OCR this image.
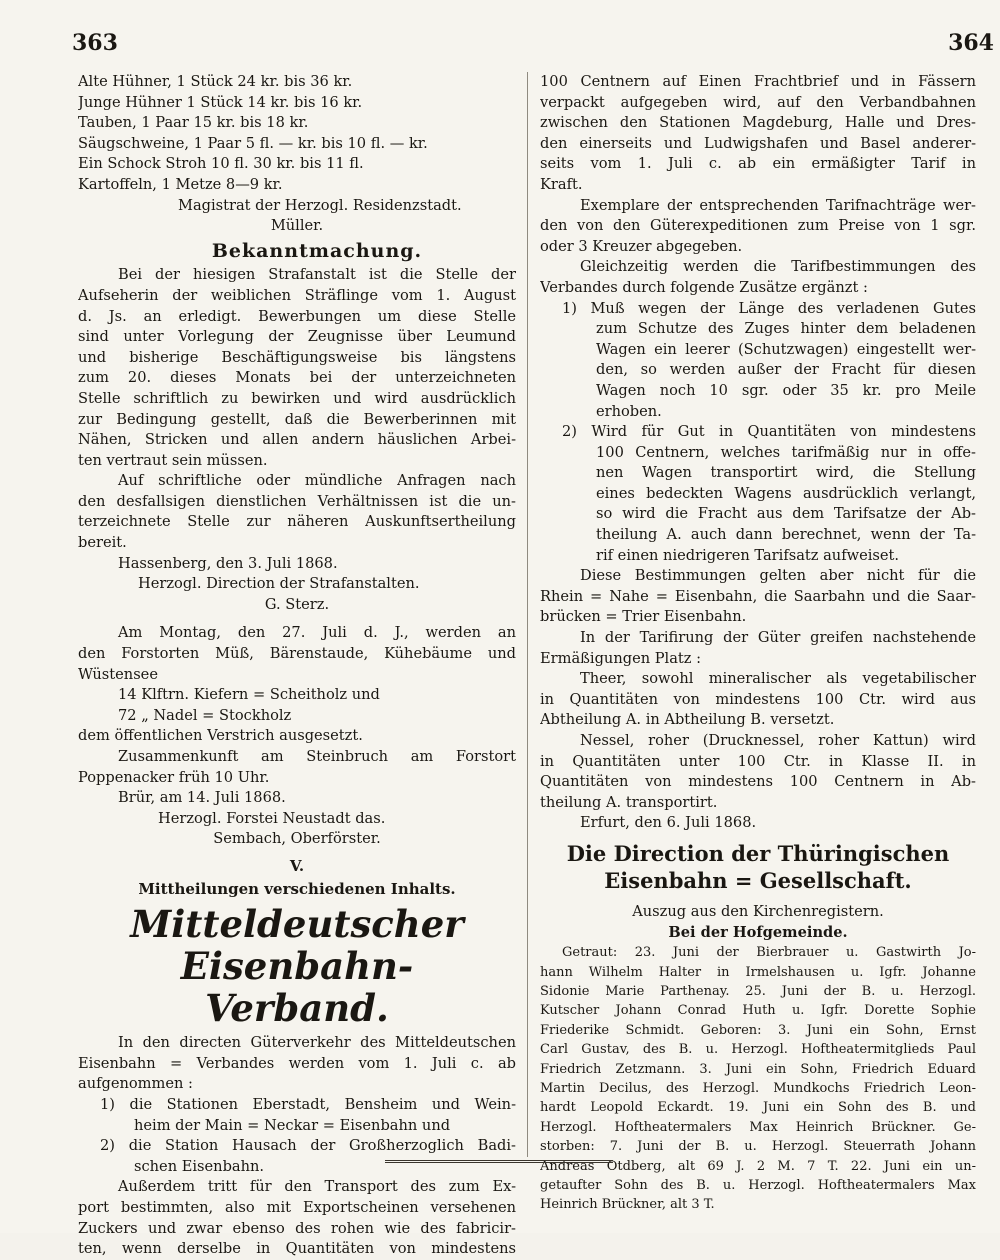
363	364
Alte Hühner, 1 Stück 24 kr. bis 36 kr.
Junge Hühner 1 Stück 14 kr. bis 16 kr.
Tauben, 1 Paar 15 kr. bis 18 kr.
Säugschweine, 1 Paar 5 fl. — kr. bis 10 fl. — kr.
Ein Schock Stroh 10 fl. 30 kr. bis 11 fl.
Kartoffeln, 1 Metze 8—9 kr.
Magistrat der Herzogl. Residenzstadt.
Müller.
Bekanntmachung.
Bei der hiesigen Strafanstalt ist die Stelle der
Aufseherin der weiblichen Sträflinge vom 1. August
d. Js. an erledigt. Bewerbungen um diese Stelle
sind unter Vorlegung der Zeugnisse über Leumund
und bisherige Beschäftigungsweise bis längstens
zum 20. dieses Monats bei der unterzeichneten
Stelle schriftlich zu bewirken und wird ausdrücklich
zur Bedingung gestellt, daß die Bewerberinnen mit
Nähen, Stricken und allen andern häuslichen Arbei-
ten vertraut sein müssen.
Auf schriftliche oder mündliche Anfragen nach
den desfallsigen dienstlichen Verhältnissen ist die un-
terzeichnete Stelle zur näheren Auskunftsertheilung
bereit.
Hassenberg, den 3. Juli 1868.
Herzogl. Direction der Strafanstalten.
G. Sterz.
Am Montag, den 27. Juli d. J., werden an
den Forstorten Müß, Bärenstaude, Kühebäume und
Wüstensee
14 Klftrn. Kiefern = Scheitholz und
72 „ Nadel = Stockholz
dem öffentlichen Verstrich ausgesetzt.
Zusammenkunft am Steinbruch am Forstort
Poppenacker früh 10 Uhr.
Brür, am 14. Juli 1868.
Herzogl. Forstei Neustadt das.
Sembach, Oberförster.
V.
Mittheilungen verschiedenen Inhalts.
Mitteldeutscher Eisenbahn-
Verband.
In den directen Güterverkehr des Mitteldeutschen
Eisenbahn = Verbandes werden vom 1. Juli c. ab
aufgenommen :
1) die Stationen Eberstadt, Bensheim und Wein-
heim der Main = Neckar = Eisenbahn und
2) die Station Hausach der Großherzoglich Badi-
schen Eisenbahn.
Außerdem tritt für den Transport des zum Ex-
port bestimmten, also mit Exportscheinen versehenen
Zuckers und zwar ebenso des rohen wie des fabricir-
ten, wenn derselbe in Quantitäten von mindestens
100 Centnern auf Einen Frachtbrief und in Fässern
verpackt aufgegeben wird, auf den Verbandbahnen
zwischen den Stationen Magdeburg, Halle und Dres-
den einerseits und Ludwigshafen und Basel anderer-
seits vom 1. Juli c. ab ein ermäßigter Tarif in
Kraft.
Exemplare der entsprechenden Tarifnachträge wer-
den von den Güterexpeditionen zum Preise von 1 sgr.
oder 3 Kreuzer abgegeben.
Gleichzeitig werden die Tarifbestimmungen des
Verbandes durch folgende Zusätze ergänzt :
1) Muß wegen der Länge des verladenen Gutes
zum Schutze des Zuges hinter dem beladenen
Wagen ein leerer (Schutzwagen) eingestellt wer-
den, so werden außer der Fracht für diesen
Wagen noch 10 sgr. oder 35 kr. pro Meile
erhoben.
2) Wird für Gut in Quantitäten von mindestens
100 Centnern, welches tarifmäßig nur in offe-
nen Wagen transportirt wird, die Stellung
eines bedeckten Wagens ausdrücklich verlangt,
so wird die Fracht aus dem Tarifsatze der Ab-
theilung A. auch dann berechnet, wenn der Ta-
rif einen niedrigeren Tarifsatz aufweiset.
Diese Bestimmungen gelten aber nicht für die
Rhein = Nahe = Eisenbahn, die Saarbahn und die Saar-
brücken = Trier Eisenbahn.
In der Tarifirung der Güter greifen nachstehende
Ermäßigungen Platz :
Theer, sowohl mineralischer als vegetabilischer
in Quantitäten von mindestens 100 Ctr. wird aus
Abtheilung A. in Abtheilung B. versetzt.
Nessel, roher (Drucknessel, roher Kattun) wird
in Quantitäten unter 100 Ctr. in Klasse II. in
Quantitäten von mindestens 100 Centnern in Ab-
theilung A. transportirt.
Erfurt, den 6. Juli 1868.
Die Direction der Thüringischen
Eisenbahn = Gesellschaft.
Auszug aus den Kirchenregistern.
Bei der Hofgemeinde.
Getraut: 23. Juni der Bierbrauer u. Gastwirth Jo-
hann Wilhelm Halter in Irmelshausen u. Igfr. Johanne
Sidonie Marie Parthenay. 25. Juni der B. u. Herzogl.
Kutscher Johann Conrad Huth u. Igfr. Dorette Sophie
Friederike Schmidt. Geboren: 3. Juni ein Sohn, Ernst
Carl Gustav, des B. u. Herzogl. Hoftheatermitglieds Paul
Friedrich Zetzmann. 3. Juni ein Sohn, Friedrich Eduard
Martin Decilus, des Herzogl. Mundkochs Friedrich Leon-
hardt Leopold Eckardt. 19. Juni ein Sohn des B. und
Herzogl. Hoftheatermalers Max Heinrich Brückner. Ge-
storben: 7. Juni der B. u. Herzogl. Steuerrath Johann
Andreas Otdberg, alt 69 J. 2 M. 7 T. 22. Juni ein un-
getaufter Sohn des B. u. Herzogl. Hoftheatermalers Max
Heinrich Brückner, alt 3 T.
